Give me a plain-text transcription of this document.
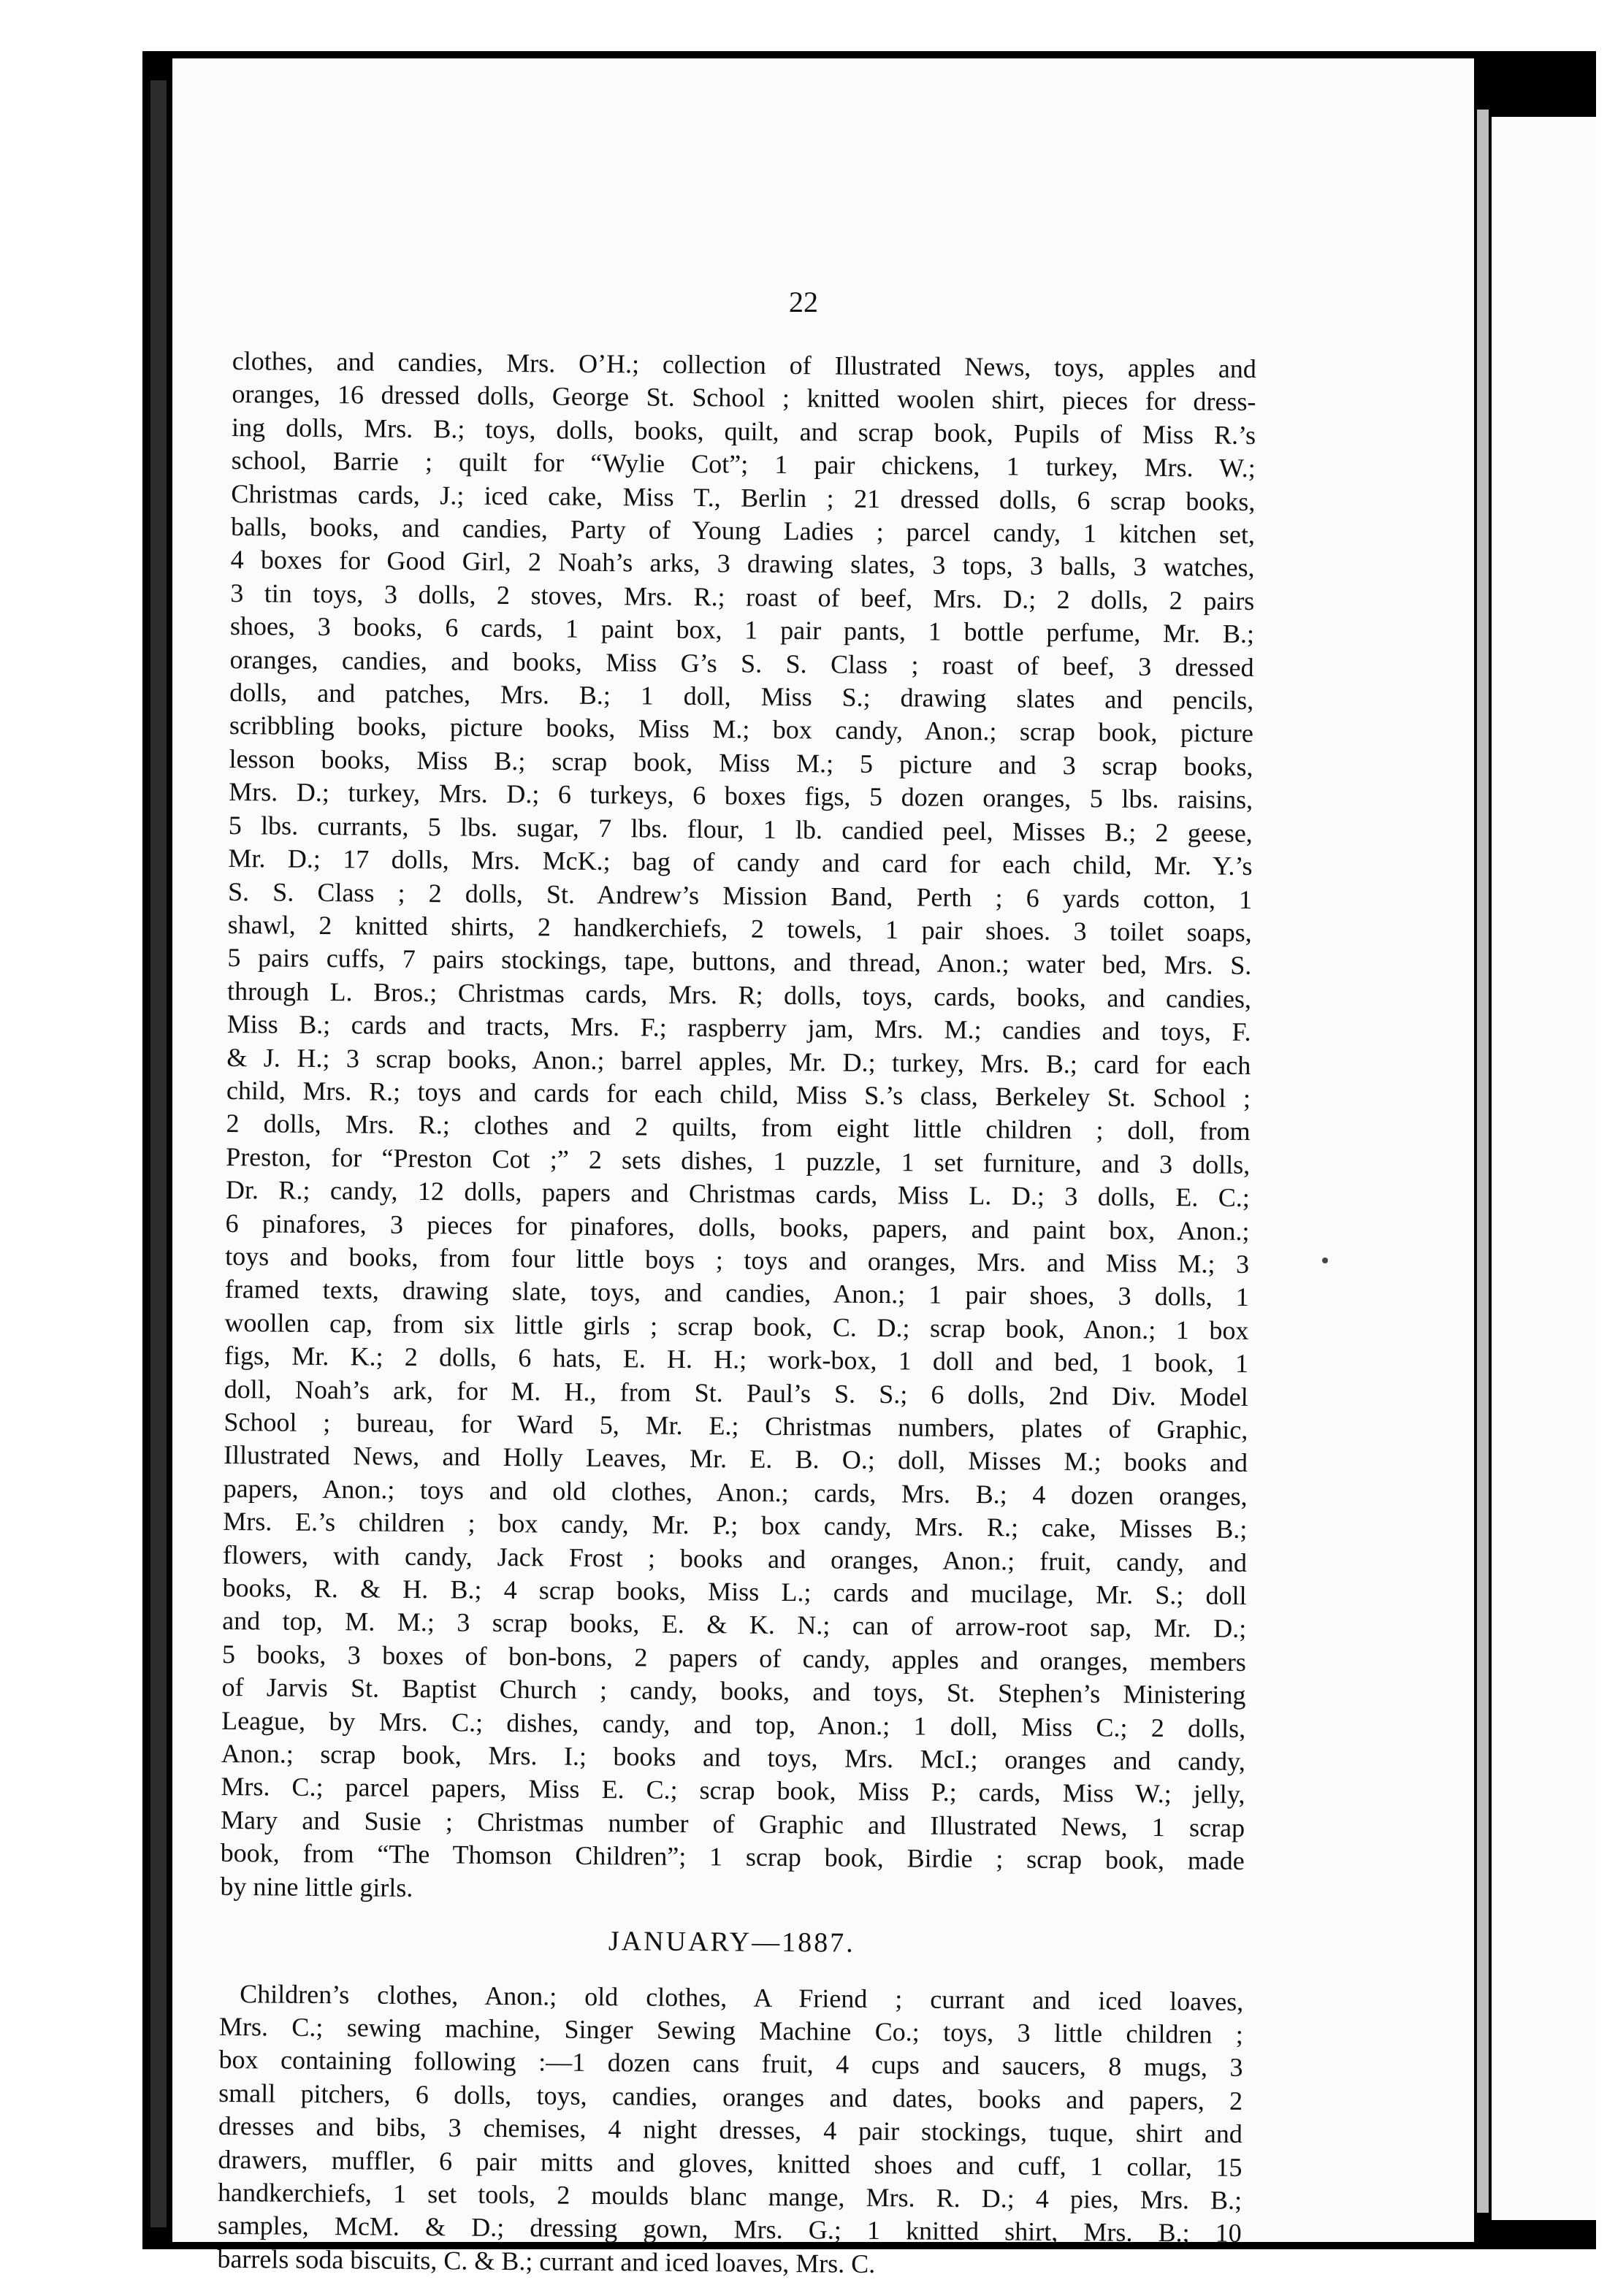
22
clothes, and candies, Mrs. O’H.; collection of Illustrated News, toys, apples and
oranges, 16 dressed dolls, George St. School ; knitted woolen shirt, pieces for dress-
ing dolls, Mrs. B.; toys, dolls, books, quilt, and scrap book, Pupils of Miss R.’s
school, Barrie ; quilt for “Wylie Cot”; 1 pair chickens, 1 turkey, Mrs. W.;
Christmas cards, J.; iced cake, Miss T., Berlin ; 21 dressed dolls, 6 scrap books,
balls, books, and candies, Party of Young Ladies ; parcel candy, 1 kitchen set,
4 boxes for Good Girl, 2 Noah’s arks, 3 drawing slates, 3 tops, 3 balls, 3 watches,
3 tin toys, 3 dolls, 2 stoves, Mrs. R.; roast of beef, Mrs. D.; 2 dolls, 2 pairs
shoes, 3 books, 6 cards, 1 paint box, 1 pair pants, 1 bottle perfume, Mr. B.;
oranges, candies, and books, Miss G’s S. S. Class ; roast of beef, 3 dressed
dolls, and patches, Mrs. B.; 1 doll, Miss S.; drawing slates and pencils,
scribbling books, picture books, Miss M.; box candy, Anon.; scrap book, picture
lesson books, Miss B.; scrap book, Miss M.; 5 picture and 3 scrap books,
Mrs. D.; turkey, Mrs. D.; 6 turkeys, 6 boxes figs, 5 dozen oranges, 5 lbs. raisins,
5 lbs. currants, 5 lbs. sugar, 7 lbs. flour, 1 lb. candied peel, Misses B.; 2 geese,
Mr. D.; 17 dolls, Mrs. McK.; bag of candy and card for each child, Mr. Y.’s
S. S. Class ; 2 dolls, St. Andrew’s Mission Band, Perth ; 6 yards cotton, 1
shawl, 2 knitted shirts, 2 handkerchiefs, 2 towels, 1 pair shoes. 3 toilet soaps,
5 pairs cuffs, 7 pairs stockings, tape, buttons, and thread, Anon.; water bed, Mrs. S.
through L. Bros.; Christmas cards, Mrs. R; dolls, toys, cards, books, and candies,
Miss B.; cards and tracts, Mrs. F.; raspberry jam, Mrs. M.; candies and toys, F.
& J. H.; 3 scrap books, Anon.; barrel apples, Mr. D.; turkey, Mrs. B.; card for each
child, Mrs. R.; toys and cards for each child, Miss S.’s class, Berkeley St. School ;
2 dolls, Mrs. R.; clothes and 2 quilts, from eight little children ; doll, from
Preston, for “Preston Cot ;” 2 sets dishes, 1 puzzle, 1 set furniture, and 3 dolls,
Dr. R.; candy, 12 dolls, papers and Christmas cards, Miss L. D.; 3 dolls, E. C.;
6 pinafores, 3 pieces for pinafores, dolls, books, papers, and paint box, Anon.;
toys and books, from four little boys ; toys and oranges, Mrs. and Miss M.; 3
framed texts, drawing slate, toys, and candies, Anon.; 1 pair shoes, 3 dolls, 1
woollen cap, from six little girls ; scrap book, C. D.; scrap book, Anon.; 1 box
figs, Mr. K.; 2 dolls, 6 hats, E. H. H.; work-box, 1 doll and bed, 1 book, 1
doll, Noah’s ark, for M. H., from St. Paul’s S. S.; 6 dolls, 2nd Div. Model
School ; bureau, for Ward 5, Mr. E.; Christmas numbers, plates of Graphic,
Illustrated News, and Holly Leaves, Mr. E. B. O.; doll, Misses M.; books and
papers, Anon.; toys and old clothes, Anon.; cards, Mrs. B.; 4 dozen oranges,
Mrs. E.’s children ; box candy, Mr. P.; box candy, Mrs. R.; cake, Misses B.;
flowers, with candy, Jack Frost ; books and oranges, Anon.; fruit, candy, and
books, R. & H. B.; 4 scrap books, Miss L.; cards and mucilage, Mr. S.; doll
and top, M. M.; 3 scrap books, E. & K. N.; can of arrow-root sap, Mr. D.;
5 books, 3 boxes of bon-bons, 2 papers of candy, apples and oranges, members
of Jarvis St. Baptist Church ; candy, books, and toys, St. Stephen’s Ministering
League, by Mrs. C.; dishes, candy, and top, Anon.; 1 doll, Miss C.; 2 dolls,
Anon.; scrap book, Mrs. I.; books and toys, Mrs. McI.; oranges and candy,
Mrs. C.; parcel papers, Miss E. C.; scrap book, Miss P.; cards, Miss W.; jelly,
Mary and Susie ; Christmas number of Graphic and Illustrated News, 1 scrap
book, from “The Thomson Children”; 1 scrap book, Birdie ; scrap book, made
by nine little girls.
JANUARY—1887.
Children’s clothes, Anon.; old clothes, A Friend ; currant and iced loaves,
Mrs. C.; sewing machine, Singer Sewing Machine Co.; toys, 3 little children ;
box containing following :—1 dozen cans fruit, 4 cups and saucers, 8 mugs, 3
small pitchers, 6 dolls, toys, candies, oranges and dates, books and papers, 2
dresses and bibs, 3 chemises, 4 night dresses, 4 pair stockings, tuque, shirt and
drawers, muffler, 6 pair mitts and gloves, knitted shoes and cuff, 1 collar, 15
handkerchiefs, 1 set tools, 2 moulds blanc mange, Mrs. R. D.; 4 pies, Mrs. B.;
samples, McM. & D.; dressing gown, Mrs. G.; 1 knitted shirt, Mrs. B.; 10
barrels soda biscuits, C. & B.; currant and iced loaves, Mrs. C.
